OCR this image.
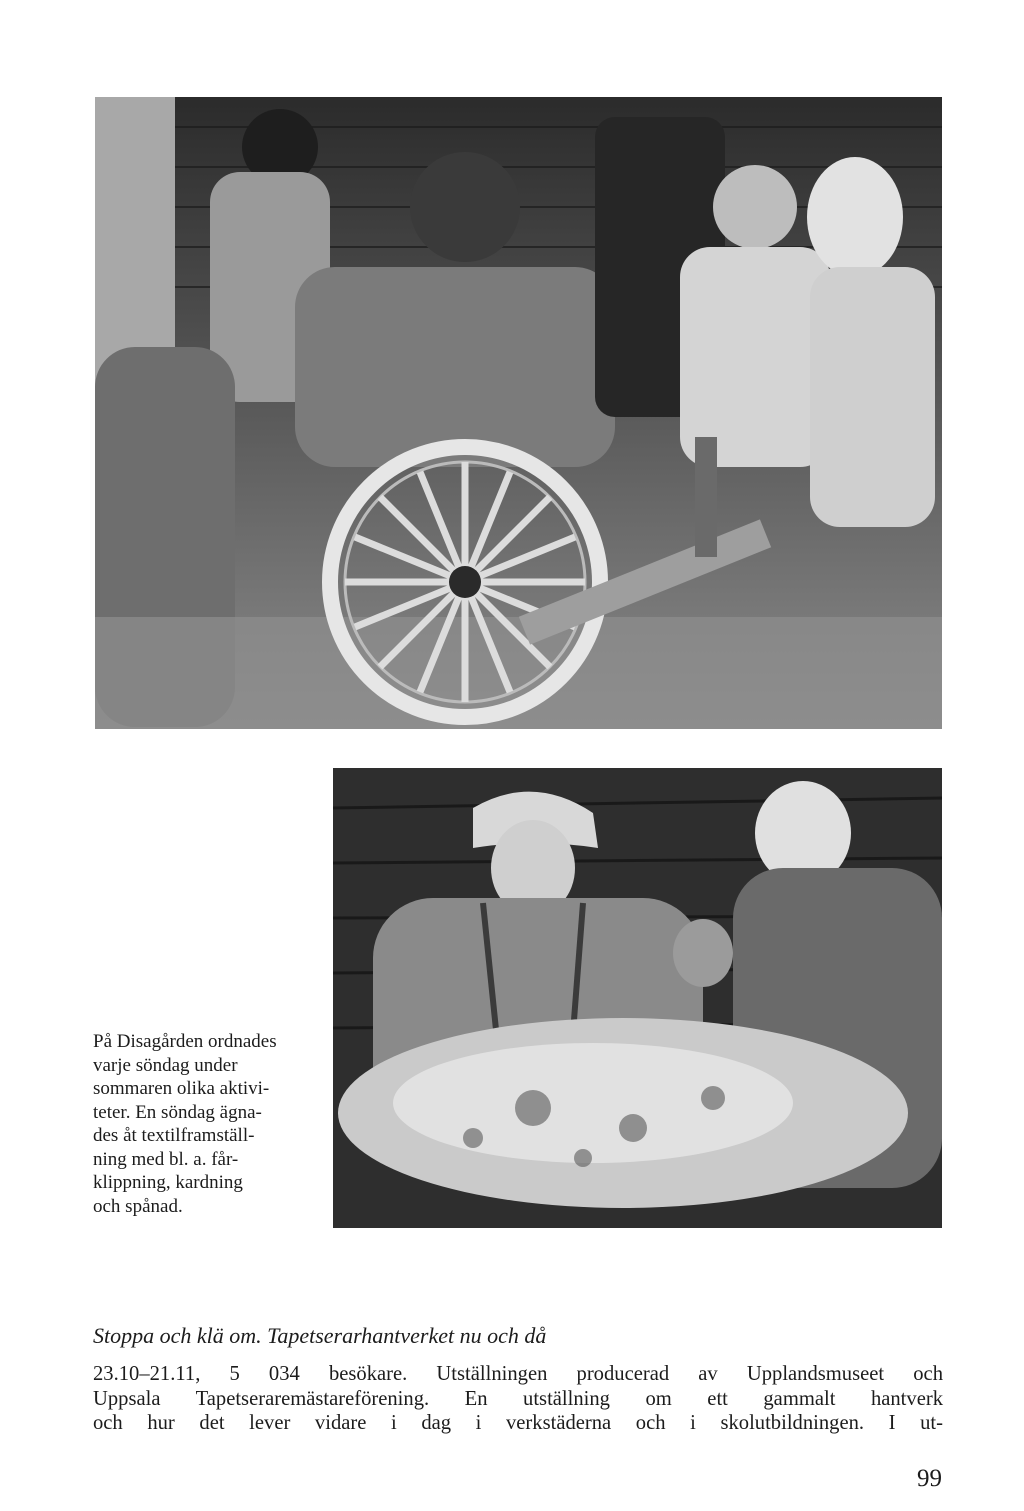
På Disagården ordnades
varje söndag under
sommaren olika aktivi-
teter. En söndag ägna-
des åt textilframställ-
ning med bl. a. får-
klippning, kardning
och spånad.
Stoppa och klä om. Tapetserarhantverket nu och då
23.10–21.11, 5 034 besökare. Utställningen producerad av Upplandsmuseet och
Uppsala Tapetseraremästareförening. En utställning om ett gammalt hantverk
och hur det lever vidare i dag i verkstäderna och i skolutbildningen. I ut-
99
